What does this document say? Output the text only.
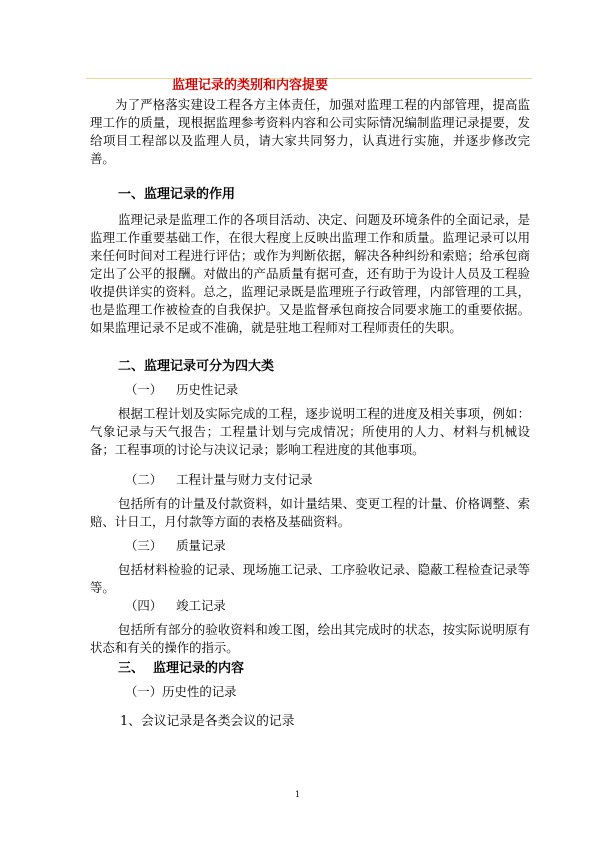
监理记录的类别和内容提要

为了严格落实建设工程各方主体责任，加强对监理工程的内部管理，提高监理工作的质量，现根据监理参考资料内容和公司实际情况编制监理记录提要，发给项目工程部以及监理人员，请大家共同努力，认真进行实施，并逐步修改完善。

一、监理记录的作用

监理记录是监理工作的各项目活动、决定、问题及环境条件的全面记录，是监理工作重要基础工作，在很大程度上反映出监理工作和质量。监理记录可以用来任何时间对工程进行评估；或作为判断依据，解决各种纠纷和索赔；给承包商定出了公平的报酬。对做出的产品质量有据可查，还有助于为设计人员及工程验收提供详实的资料。总之，监理记录既是监理班子行政管理，内部管理的工具，也是监理工作被检查的自我保护。又是监督承包商按合同要求施工的重要依据。如果监理记录不足或不准确，就是驻地工程师对工程师责任的失职。

二、监理记录可分为四大类
（一） 历史性记录

根据工程计划及实际完成的工程，逐步说明工程的进度及相关事项，例如：气象记录与天气报告；工程量计划与完成情况；所使用的人力、材料与机械设备；工程事项的讨论与决议记录；影响工程进度的其他事项。

（二） 工程计量与财力支付记录

包括所有的计量及付款资料，如计量结果、变更工程的计量、价格调整、索赔、计日工，月付款等方面的表格及基础资料。

（三） 质量记录

包括材料检验的记录、现场施工记录、工序验收记录、隐蔽工程检查记录等等。

（四） 竣工记录

包括所有部分的验收资料和竣工图，绘出其完成时的状态，按实际说明原有状态和有关的操作的指示。

三、  监理记录的内容
（一）历史性的记录
1、会议记录是各类会议的记录
1
